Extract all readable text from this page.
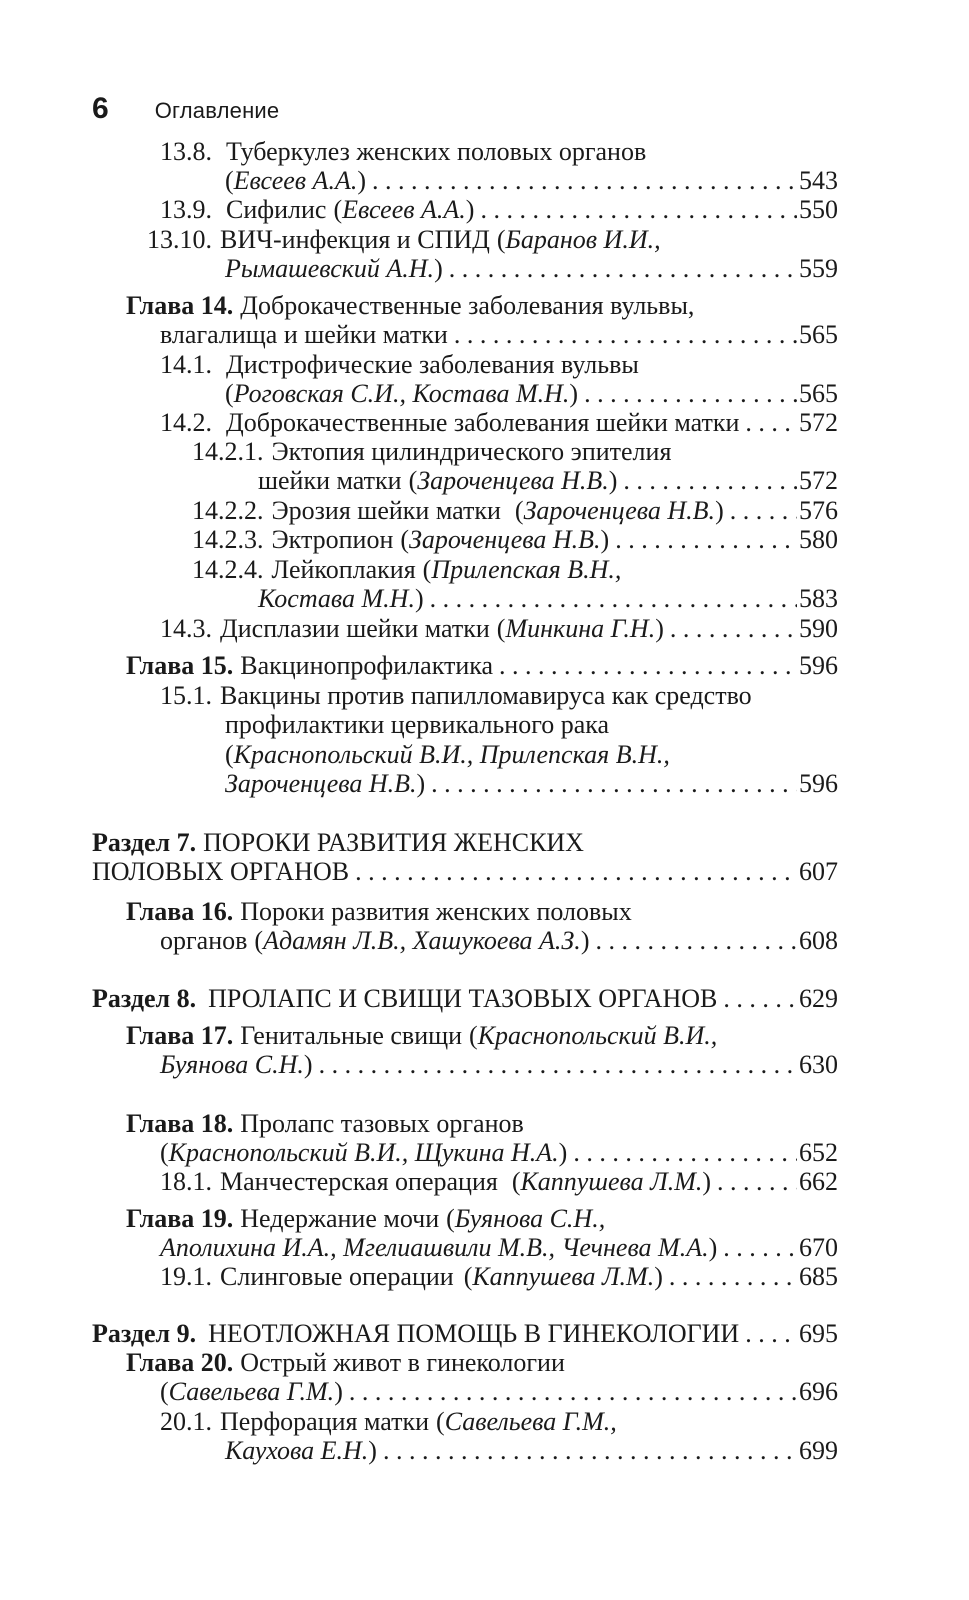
6 Оглавление
13.8. Туберкулез женских половых органов
( Евсеев А.А. ) . . .	543
13.9. Сифилис ( Евсеев А.А. ) . . .	550
13.10. ВИЧ-инфекция и СПИД ( Баранов И.И.,
Рымашевский А.Н. ) . . .	559
Глава 14. Доброкачественные заболевания вульвы,
влагалища и шейки матки . . .	565
14.1. Дистрофические заболевания вульвы
( Роговская С.И., Костава М.Н. ) . . .	565
14.2. Доброкачественные заболевания шейки матки . . . 572
14.2.1. Эктопия цилиндрического эпителия
шейки матки ( Зароченцева Н.В. ) . . .	572
14.2.2. Эрозия шейки матки ( Зароченцева Н.В. ) . . .	576
14.2.3. Эктропион ( Зароченцева Н.В. ) . . .	580
14.2.4. Лейкоплакия ( Прилепская В.Н.,
Костава М.Н. ) . . .	583
14.3. Дисплазии шейки матки ( Минкина Г.Н. ) . . .	590
Глава 15. Вакцинопрофилактика . . .	596
15.1. Вакцины против папилломавируса как средство
профилактики цервикального рака
( Краснопольский В.И., Прилепская В.Н.,
Зароченцева Н.В. ) . . .	596
Раздел 7. ПОРОКИ РАЗВИТИЯ ЖЕНСКИХ
ПОЛОВЫХ ОРГАНОВ . . .	607
Глава 16. Пороки развития женских половых
органов ( Адамян Л.В., Хашукоева А.З. ) . . .	608
Раздел 8. ПРОЛАПС И СВИЩИ ТАЗОВЫХ ОРГАНОВ . . .	629
Глава 17. Генитальные свищи ( Краснопольский В.И.,
Буянова С.Н. ) . . .	630
Глава 18. Пролапс тазовых органов
( Краснопольский В.И., Щукина Н.А. ) . . .	652
18.1. Манчестерская операция ( Каппушева Л.М. ) . . .	662
Глава 19. Недержание мочи ( Буянова С.Н.,
Аполихина И.А., Мгелиашвили М.В., Чечнева М.А. ) . . .	670
19.1. Слинговые операции ( Каппушева Л.М. ) . . .	685
Раздел 9. НЕОТЛОЖНАЯ ПОМОЩЬ В ГИНЕКОЛОГИИ . . . 695
Глава 20. Острый живот в гинекологии
( Савельева Г.М. ) . . .	696
20.1. Перфорация матки ( Савельева Г.М.,
Каухова Е.Н. ) . . .	699
